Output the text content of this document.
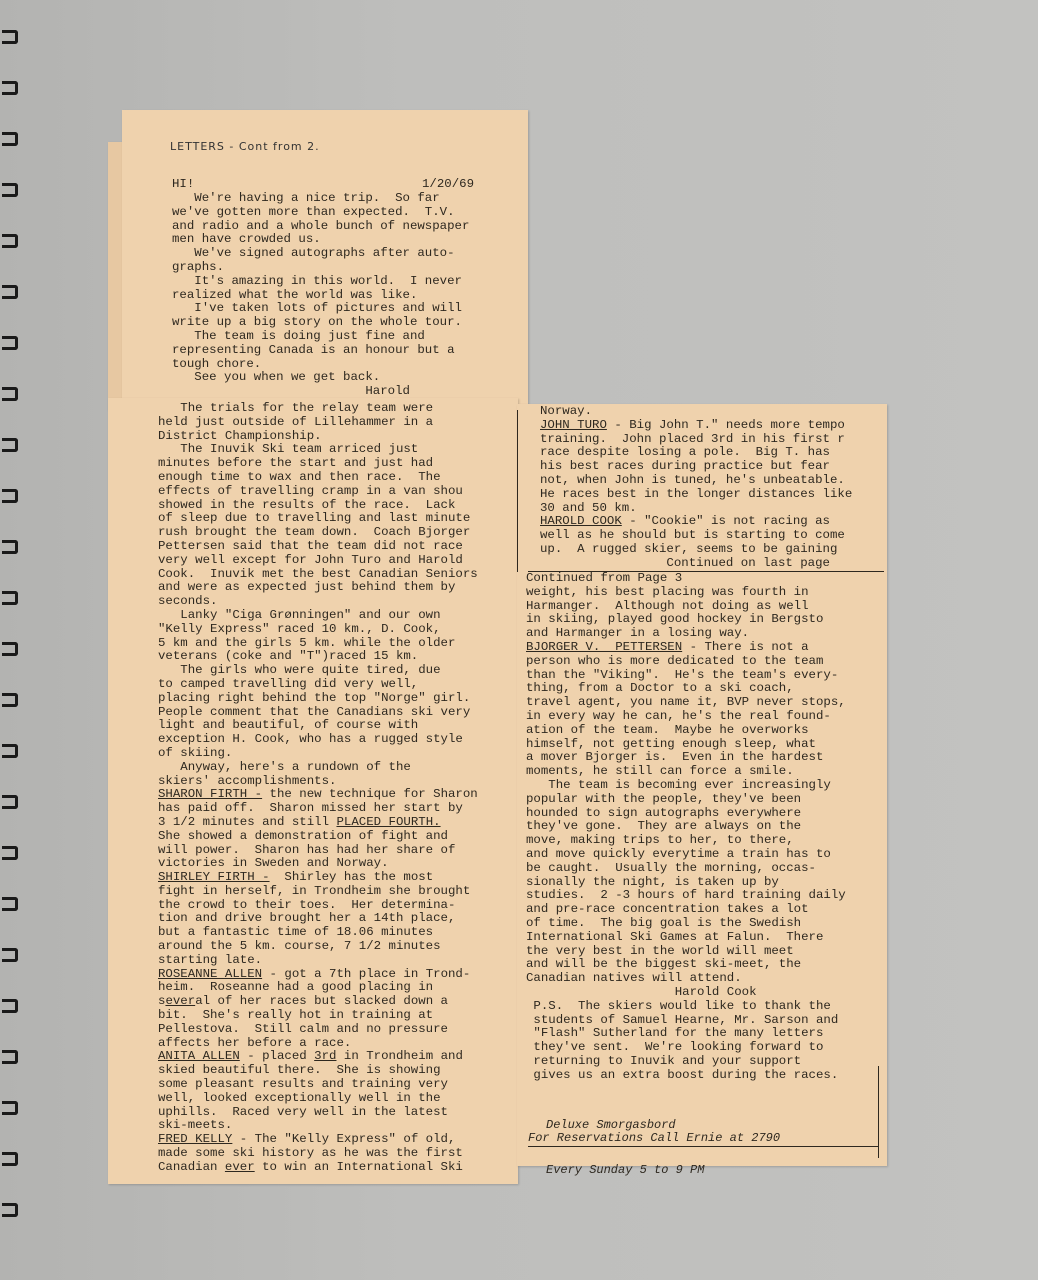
LETTERS - Cont from 2.
HI!	1/20/69
We're having a nice trip.  So far
we've gotten more than expected.  T.V.
and radio and a whole bunch of newspaper
men have crowded us.
We've signed autographs after auto-
graphs.
It's amazing in this world.  I never
realized what the world was like.
I've taken lots of pictures and will
write up a big story on the whole tour.
The team is doing just fine and
representing Canada is an honour but a
tough chore.
See you when we get back.
Harold
The trials for the relay team were
held just outside of Lillehammer in a
District Championship.
The Inuvik Ski team arriced just
minutes before the start and just had
enough time to wax and then race.  The
effects of travelling cramp in a van shou
showed in the results of the race.  Lack
of sleep due to travelling and last minute
rush brought the team down.  Coach Bjorger
Pettersen said that the team did not race
very well except for John Turo and Harold
Cook.  Inuvik met the best Canadian Seniors
and were as expected just behind them by
seconds.
Lanky "Ciga Grønningen" and our own
"Kelly Express" raced 10 km., D. Cook,
5 km and the girls 5 km. while the older
veterans (coke and "T")raced 15 km.
The girls who were quite tired, due
to camped travelling did very well,
placing right behind the top "Norge" girl.
People comment that the Canadians ski very
light and beautiful, of course with
exception H. Cook, who has a rugged style
of skiing.
Anyway, here's a rundown of the
skiers' accomplishments.
SHARON FIRTH - the new technique for Sharon
has paid off.  Sharon missed her start by
3 1/2 minutes and still PLACED FOURTH.
She showed a demonstration of fight and
will power.  Sharon has had her share of
victories in Sweden and Norway.
SHIRLEY FIRTH -  Shirley has the most
fight in herself, in Trondheim she brought
the crowd to their toes.  Her determina-
tion and drive brought her a 14th place,
but a fantastic time of 18.06 minutes
around the 5 km. course, 7 1/2 minutes
starting late.
ROSEANNE ALLEN - got a 7th place in Trond-
heim.  Roseanne had a good placing in
several of her races but slacked down a
bit.  She's really hot in training at
Pellestova.  Still calm and no pressure
affects her before a race.
ANITA ALLEN - placed 3rd in Trondheim and
skied beautiful there.  She is showing
some pleasant results and training very
well, looked exceptionally well in the
uphills.  Raced very well in the latest
ski-meets.
FRED KELLY - The "Kelly Express" of old,
made some ski history as he was the first
Canadian ever to win an International Ski
Norway.
JOHN TURO - Big John T." needs more tempo
training.  John placed 3rd in his first r
race despite losing a pole.  Big T. has
his best races during practice but fear
not, when John is tuned, he's unbeatable.
He races best in the longer distances like
30 and 50 km.
HAROLD COOK - "Cookie" is not racing as
well as he should but is starting to come
up.  A rugged skier, seems to be gaining
Continued on last page
Continued from Page 3
weight, his best placing was fourth in
Harmanger.  Although not doing as well
in skiing, played good hockey in Bergsto
and Harmanger in a losing way.
BJORGER V.  PETTERSEN - There is not a
person who is more dedicated to the team
than the "Viking".  He's the team's every-
thing, from a Doctor to a ski coach,
travel agent, you name it, BVP never stops,
in every way he can, he's the real found-
ation of the team.  Maybe he overworks
himself, not getting enough sleep, what
a mover Bjorger is.  Even in the hardest
moments, he still can force a smile.
The team is becoming ever increasingly
popular with the people, they've been
hounded to sign autographs everywhere
they've gone.  They are always on the
move, making trips to her, to there,
and move quickly everytime a train has to
be caught.  Usually the morning, occas-
sionally the night, is taken up by
studies.  2 -3 hours of hard training daily
and pre-race concentration takes a lot
of time.  The big goal is the Swedish
International Ski Games at Falun.  There
the very best in the world will meet
and will be the biggest ski-meet, the
Canadian natives will attend.
Harold Cook
P.S.  The skiers would like to thank the
students of Samuel Hearne, Mr. Sarson and
"Flash" Sutherland for the many letters
they've sent.  We're looking forward to
returning to Inuvik and your support
gives us an extra boost during the races.

Deluxe Smorgasbord

Every Sunday 5 to 9 PM

For Reservations Call Ernie at 2790
